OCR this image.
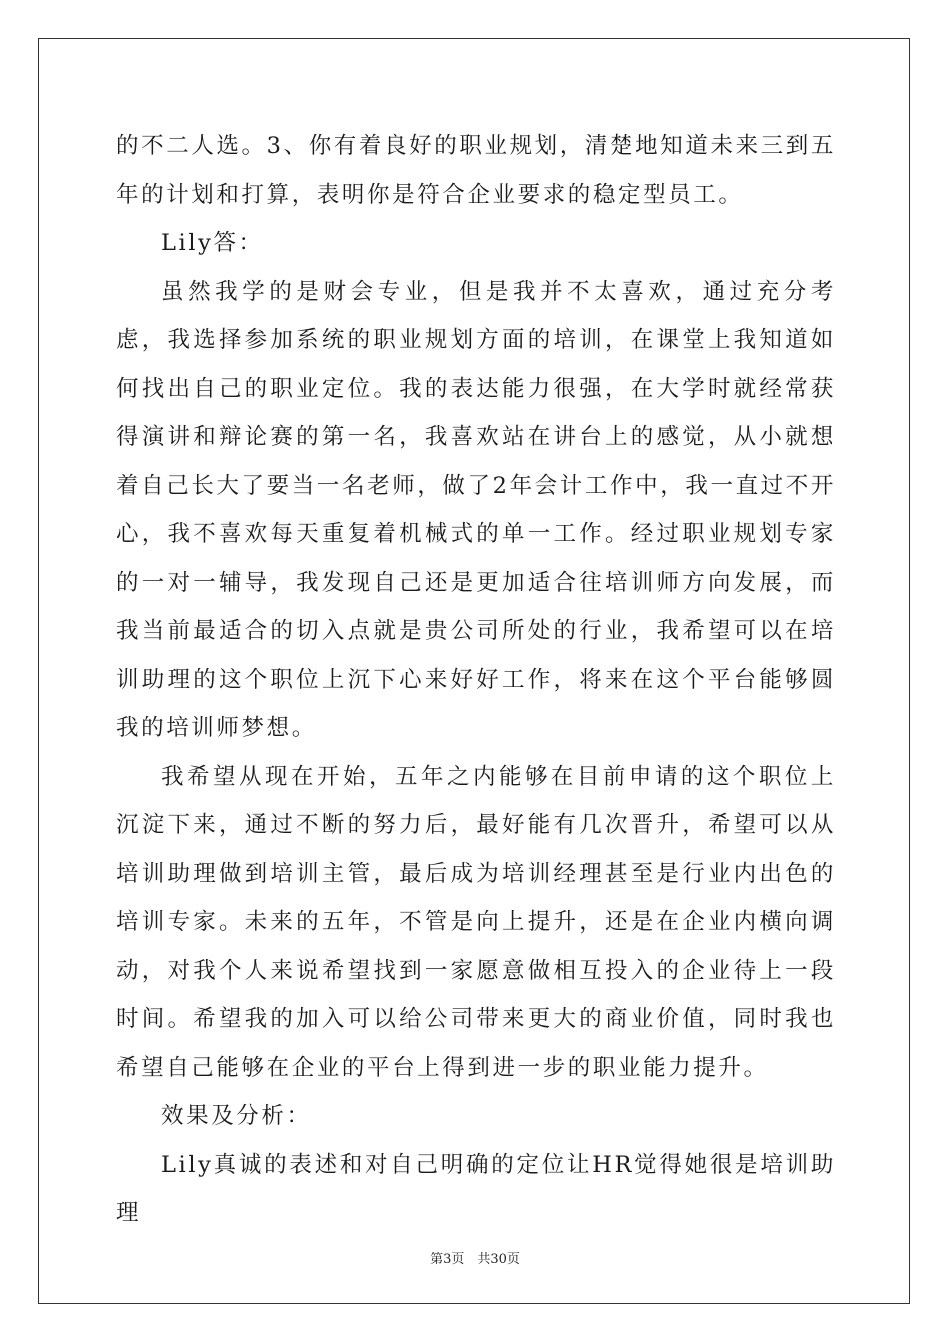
的不二人选。3、你有着良好的职业规划，清楚地知道未来三到五年的计划和打算，表明你是符合企业要求的稳定型员工。

Lily答：

虽然我学的是财会专业，但是我并不太喜欢，通过充分考虑，我选择参加系统的职业规划方面的培训，在课堂上我知道如何找出自己的职业定位。我的表达能力很强，在大学时就经常获得演讲和辩论赛的第一名，我喜欢站在讲台上的感觉，从小就想着自己长大了要当一名老师，做了2年会计工作中，我一直过不开心，我不喜欢每天重复着机械式的单一工作。经过职业规划专家的一对一辅导，我发现自己还是更加适合往培训师方向发展，而我当前最适合的切入点就是贵公司所处的行业，我希望可以在培训助理的这个职位上沉下心来好好工作，将来在这个平台能够圆我的培训师梦想。

我希望从现在开始，五年之内能够在目前申请的这个职位上沉淀下来，通过不断的努力后，最好能有几次晋升，希望可以从培训助理做到培训主管，最后成为培训经理甚至是行业内出色的培训专家。未来的五年，不管是向上提升，还是在企业内横向调动，对我个人来说希望找到一家愿意做相互投入的企业待上一段时间。希望我的加入可以给公司带来更大的商业价值，同时我也希望自己能够在企业的平台上得到进一步的职业能力提升。

效果及分析：

Lily真诚的表述和对自己明确的定位让HR觉得她很是培训助理

第3页　共30页
